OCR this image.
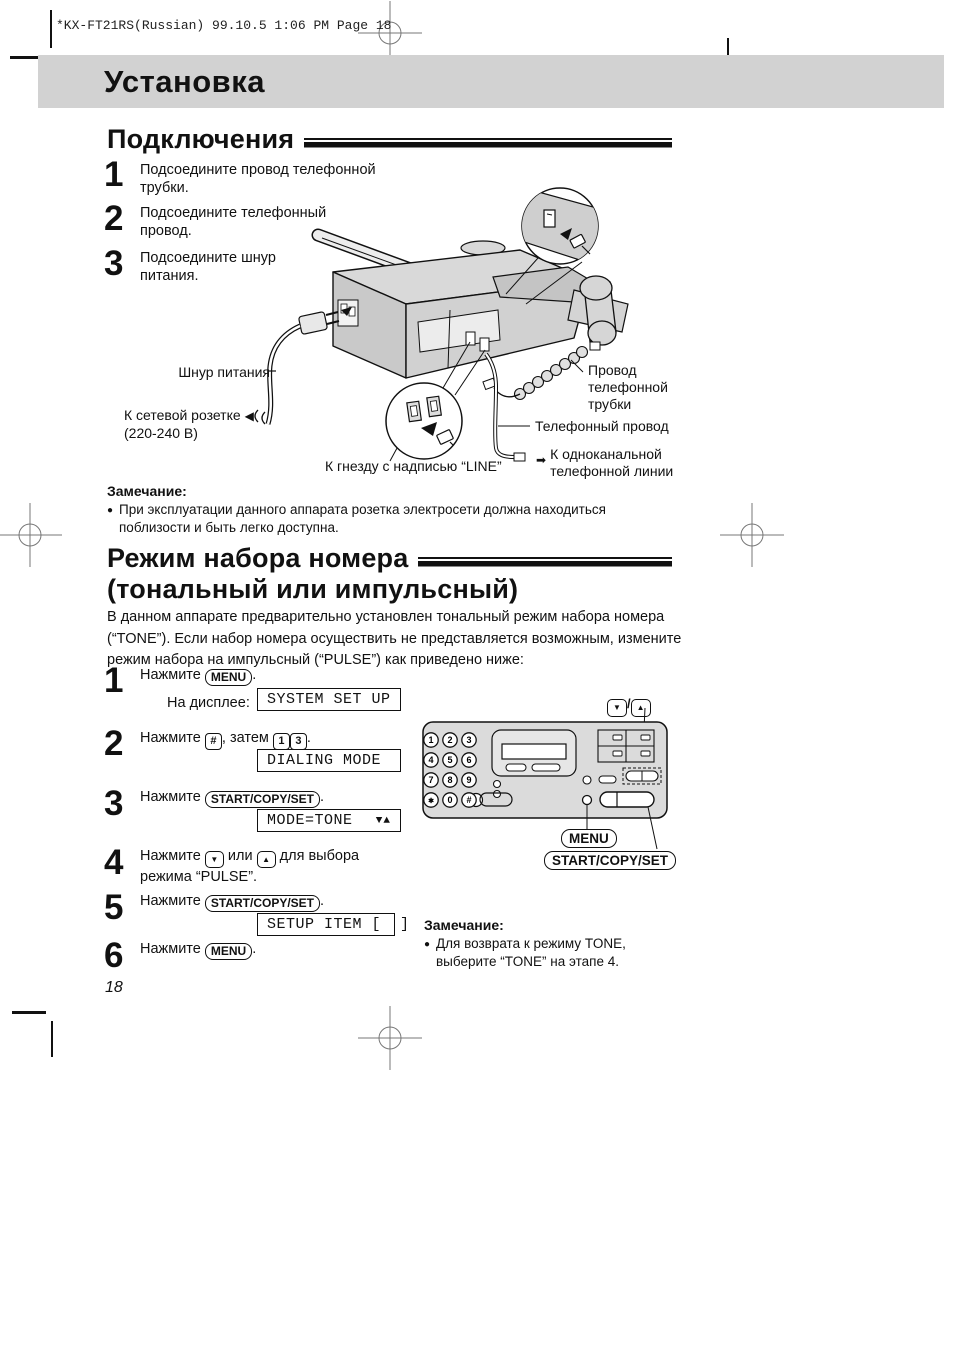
*KX-FT21RS(Russian) 99.10.5 1:06 PM Page 18
Установка
Подключения
1 Подсоедините провод телефонной
трубки.
2 Подсоедините телефонный
провод.
3 Подсоедините шнур
питания.
Шнур питания
К сетевой розетке ◀
(220-240 В)
К гнезду с надписью “LINE”
Провод
телефонной
трубки
Телефонный провод
➡ К одноканальной
телефонной линии
Замечание:
● При эксплуатации данного аппарата розетка электросети должна находиться
поблизости и быть легко доступна.
Режим набора номера
(тональный или импульсный)
В данном аппарате предварительно установлен тональный режим набора номера
(“TONE”). Если набор номера осуществить не представляется возможным, измените
режим набора на импульсный (“PULSE”) как приведено ниже:
1 Нажмите MENU .
На дисплее:	SYSTEM SET UP
2 Нажмите # , затем 1 3 .
DIALING MODE
3 Нажмите START/COPY/SET .
MODE=TONE ▼▲
4 Нажмите ▼ или ▲ для выбора
режима “PULSE”.
5 Нажмите START/COPY/SET .
SETUP ITEM [  ]
6 Нажмите MENU .
1 2 3
4 5 6
7 8 9
✱ 0 #
▼ / ▲
MENU
START/COPY/SET
Замечание:
● Для возврата к режиму TONE,
выберите “TONE” на этапе 4.
18
